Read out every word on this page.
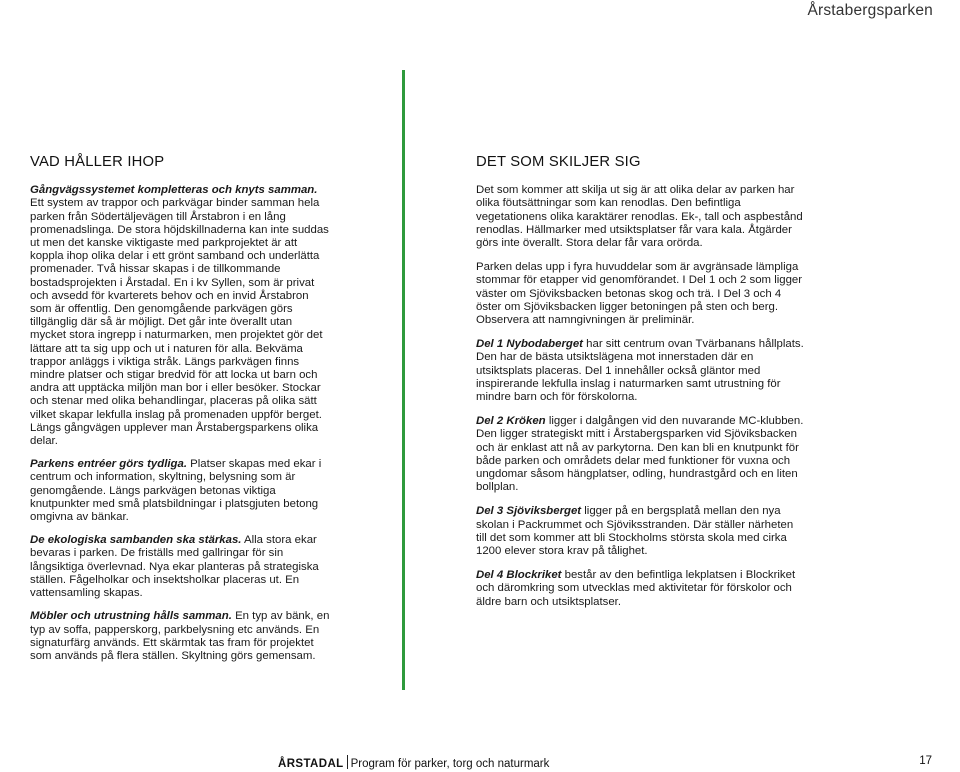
Årstabergsparken
VAD HÅLLER IHOP

Gångvägssystemet kompletteras och knyts samman. Ett system av trappor och parkvägar binder samman hela parken från Södertäljevägen till Årstabron i en lång promenadslinga. De stora höjdskillnaderna kan inte suddas ut men det kanske viktigaste med parkprojektet är att koppla ihop olika delar i ett grönt samband och underlätta promenader. Två hissar skapas i de tillkommande bostadsprojekten i Årstadal. En i kv Syllen, som är privat och avsedd för kvarterets behov och en invid Årstabron som är offentlig. Den genomgående parkvägen görs tillgänglig där så är möjligt. Det går inte överallt utan mycket stora ingrepp i naturmarken, men projektet gör det lättare att ta sig upp och ut i naturen för alla. Bekväma trappor anläggs i viktiga stråk. Längs parkvägen finns mindre platser och stigar bredvid för att locka ut barn och andra att upptäcka miljön man bor i eller besöker. Stockar och stenar med olika behandlingar, placeras på olika sätt vilket skapar lekfulla inslag på promenaden uppför berget. Längs gångvägen upplever man Årstabergsparkens olika delar.

Parkens entréer görs tydliga. Platser skapas med ekar i centrum och information, skyltning, belysning som är genomgående. Längs parkvägen betonas viktiga knutpunkter med små platsbildningar i platsgjuten betong omgivna av bänkar.

De ekologiska sambanden ska stärkas. Alla stora ekar bevaras i parken. De friställs med gallringar för sin långsiktiga överlevnad. Nya ekar planteras på strategiska ställen. Fågelholkar och insektsholkar placeras ut. En vattensamling skapas.

Möbler och utrustning hålls samman. En typ av bänk, en typ av soffa, papperskorg, parkbelysning etc används. En signaturfärg används. Ett skärmtak tas fram för projektet som används på flera ställen. Skyltning görs gemensam.

DET SOM SKILJER SIG

Det som kommer att skilja ut sig är att olika delar av parken har olika föutsättningar som kan renodlas. Den befintliga vegetationens olika karaktärer renodlas. Ek-, tall och aspbestånd renodlas. Hällmarker med utsiktsplatser får vara kala. Åtgärder görs inte överallt. Stora delar får vara orörda.

Parken delas upp i fyra huvuddelar som är avgränsade lämpliga stommar för etapper vid genomförandet. I Del 1 och 2 som ligger väster om Sjöviksbacken betonas skog och trä. I Del 3 och 4 öster om Sjöviksbacken ligger betoningen på sten och berg. Observera att namngivningen är preliminär.

Del 1 Nybodaberget har sitt centrum ovan Tvärbanans hållplats. Den har de bästa utsiktslägena mot innerstaden där en utsiktsplats placeras. Del 1 innehåller också gläntor med inspirerande lekfulla inslag i naturmarken samt utrustning för mindre barn och för förskolorna.

Del 2 Kröken ligger i dalgången vid den nuvarande MC-klubben. Den ligger strategiskt mitt i Årstabergsparken vid Sjöviksbacken och är enklast att nå av parkytorna. Den kan bli en knutpunkt för både parken och områdets delar med funktioner för vuxna och ungdomar såsom hängplatser, odling, hundrastgård och en liten bollplan.

Del 3 Sjöviksberget ligger på en bergsplatå mellan den nya skolan i Packrummet och Sjöviksstranden. Där ställer närheten till det som kommer att bli Stockholms största skola med cirka 1200 elever stora krav på tålighet.

Del 4 Blockriket består av den befintliga lekplatsen i Blockriket och däromkring som utvecklas med aktivitetar för förskolor och äldre barn och utsiktsplatser.

ÅRSTADAL Program för parker, torg och naturmark	17
